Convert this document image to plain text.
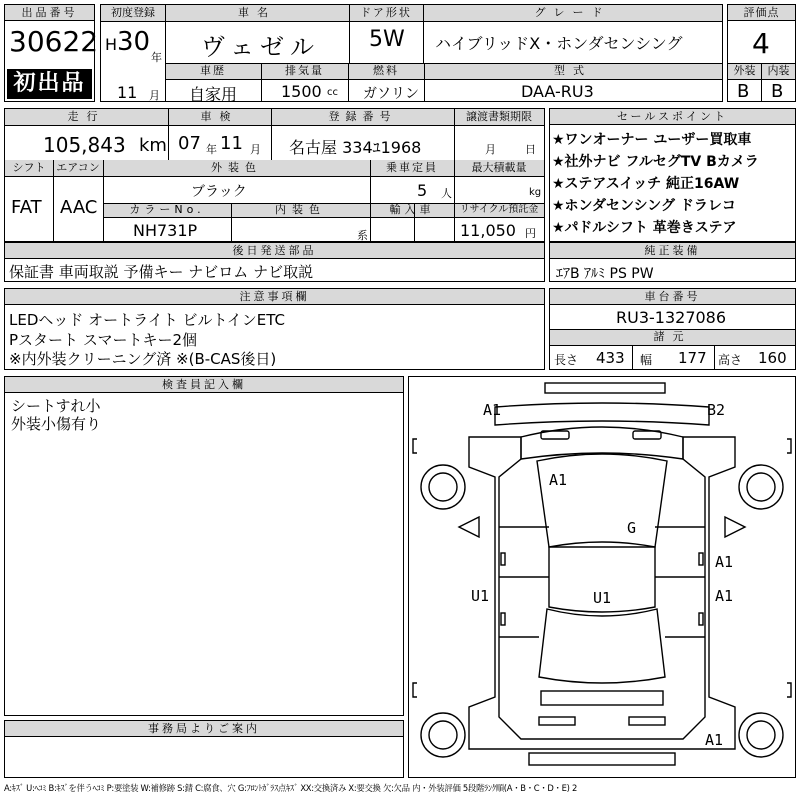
出品番号
30622
初出品
初度登録
H 30
年
11 月
車名
ヴェゼル
ドア形状
5W
グレード
ハイブリッドX・ホンダセンシング
車歴
自家用
排気量
1500 cc
燃料
ガソリン
型式
DAA-RU3
評価点
4
外装	内装
B B
走行
105,843 km
車検
07 年 11 月
登録番号
名古屋 334ﾕ1968
譲渡書類期限
月	日
シフト
FAT
エアコン
AAC
外装色
ブラック
カラーNo.
NH731P
内装色
系
乗車定員
5 人
輸入車
最大積載量
kg
リサイクル預託金
11,050 円
セールスポイント
★ワンオーナー ユーザー買取車
★社外ナビ フルセグTV Bカメラ
★ステアスイッチ 純正16AW
★ホンダセンシング ドラレコ
★パドルシフト 革巻きステア
後日発送部品
保証書 車両取説 予備キー ナビロム ナビ取説
純正装備
ｴｱB ｱﾙﾐ PS PW
注意事項欄
LEDヘッド オートライト ビルトインETC
Pスタート スマートキー2個
※内外装クリーニング済 ※(B-CAS後日)
車台番号
RU3-1327086
諸元
長さ 433 幅 177 高さ 160
検査員記入欄
シートすれ小
外装小傷有り
事務局よりご案内
A1	B2
A1
G
A1
U1	U1	A1
A1
A:ｷｽﾞ U:ﾍｺﾐ B:ｷｽﾞを伴うﾍｺﾐ P:要塗装 W:補修跡 S:錆 C:腐食、穴 G:ﾌﾛﾝﾄｶﾞﾗｽ点ｷｽﾞ XX:交換済み X:要交換 欠:欠品 内・外装評価 5段階ﾗﾝｸ順(A・B・C・D・E) 2
